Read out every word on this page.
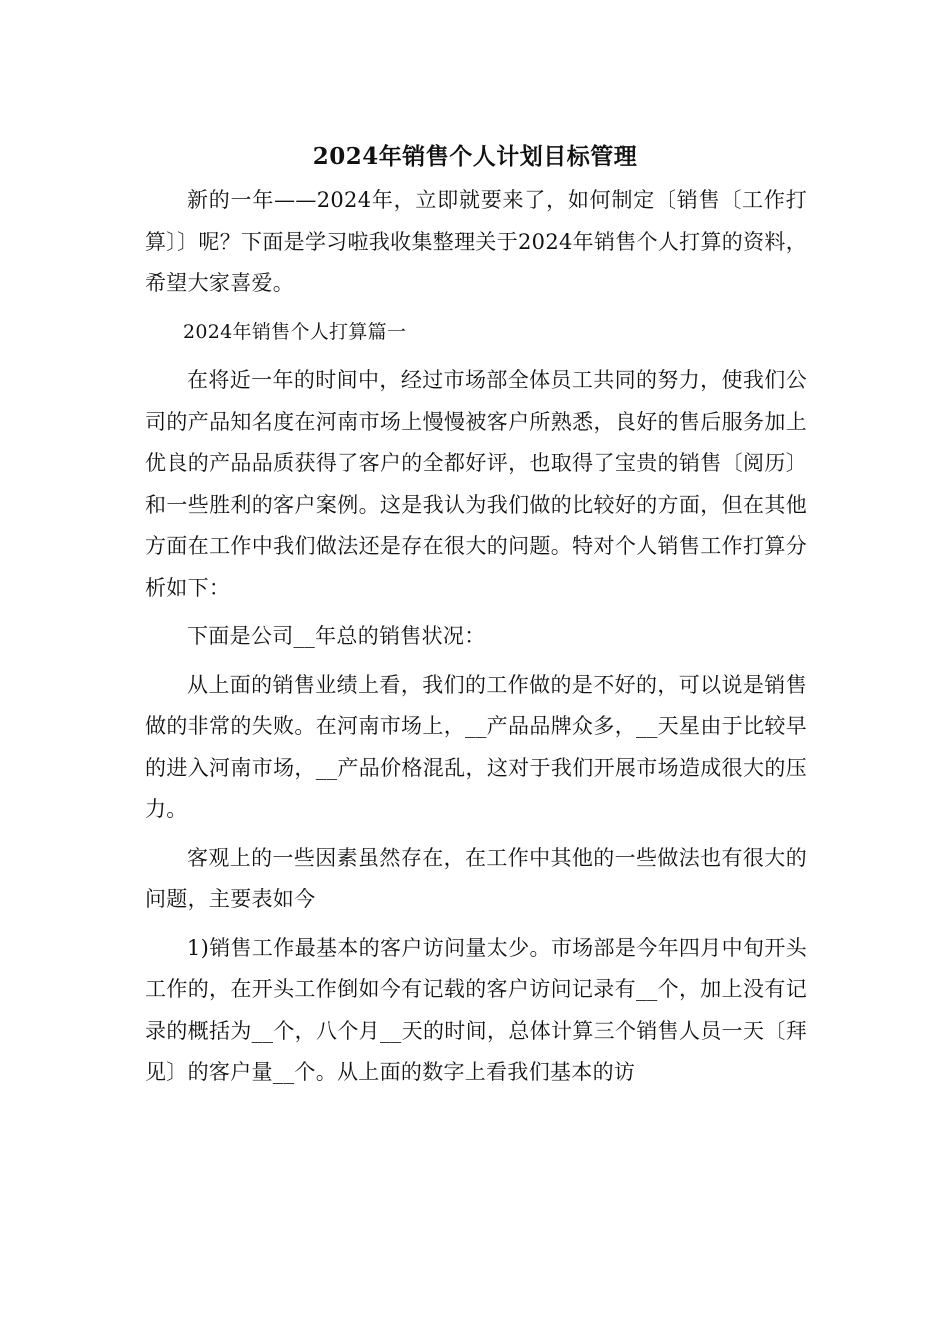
2024年销售个人计划目标管理

新的一年——2024年，立即就要来了，如何制定〔销售〔工作打算〕〕呢？下面是学习啦我收集整理关于2024年销售个人打算的资料，希望大家喜爱。

2024年销售个人打算篇一

在将近一年的时间中，经过市场部全体员工共同的努力，使我们公司的产品知名度在河南市场上慢慢被客户所熟悉，良好的售后服务加上优良的产品品质获得了客户的全都好评，也取得了宝贵的销售〔阅历〕和一些胜利的客户案例。这是我认为我们做的比较好的方面，但在其他方面在工作中我们做法还是存在很大的问题。特对个人销售工作打算分析如下：

下面是公司__年总的销售状况：

从上面的销售业绩上看，我们的工作做的是不好的，可以说是销售做的非常的失败。在河南市场上，__产品品牌众多，__天星由于比较早的进入河南市场，__产品价格混乱，这对于我们开展市场造成很大的压力。

客观上的一些因素虽然存在，在工作中其他的一些做法也有很大的问题，主要表如今

1)销售工作最基本的客户访问量太少。市场部是今年四月中旬开头工作的，在开头工作倒如今有记载的客户访问记录有__个，加上没有记录的概括为__个，八个月__天的时间，总体计算三个销售人员一天〔拜见〕的客户量__个。从上面的数字上看我们基本的访
